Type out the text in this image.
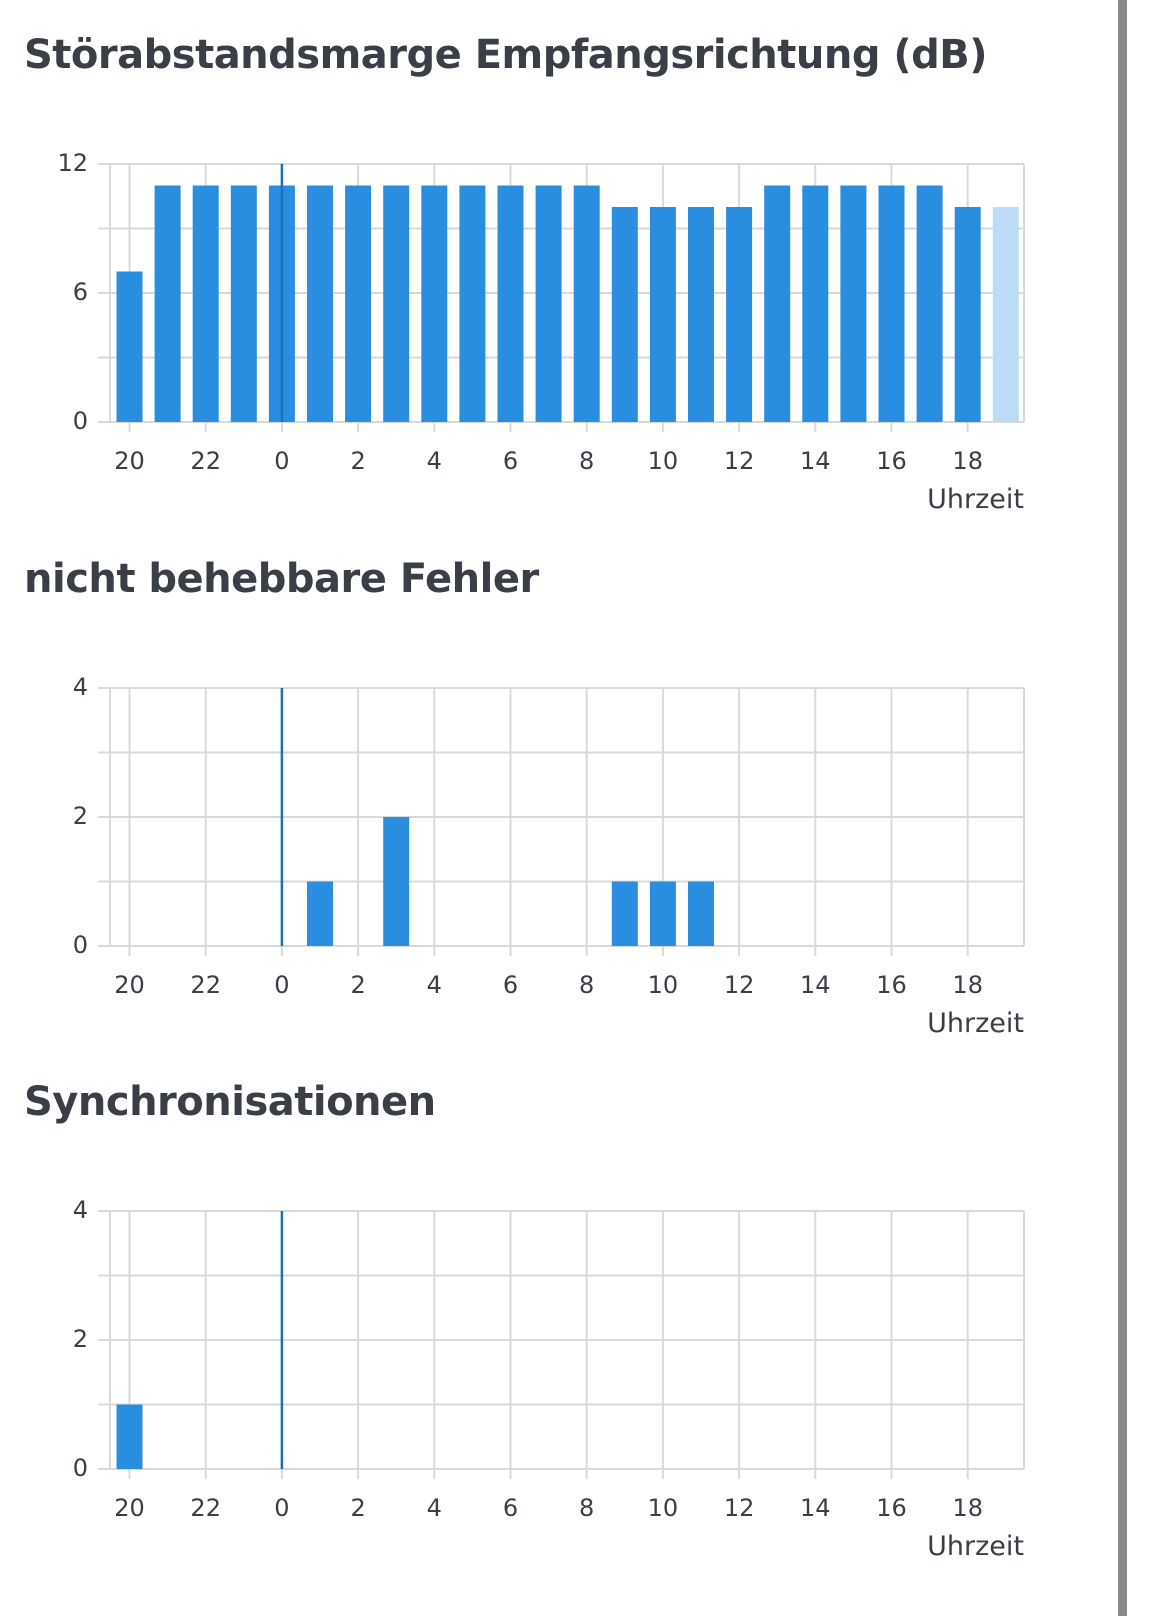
Störabstandsmarge Empfangsrichtung (dB)
0
6
12
20 22 0	2	4	6	8 10 12 14 16 18
Uhrzeit
nicht behebbare Fehler
0
2
4
20 22 0	2	4	6	8 10 12 14 16 18
Uhrzeit
Synchronisationen
0
2
4
20 22 0	2	4	6	8 10 12 14 16 18
Uhrzeit
